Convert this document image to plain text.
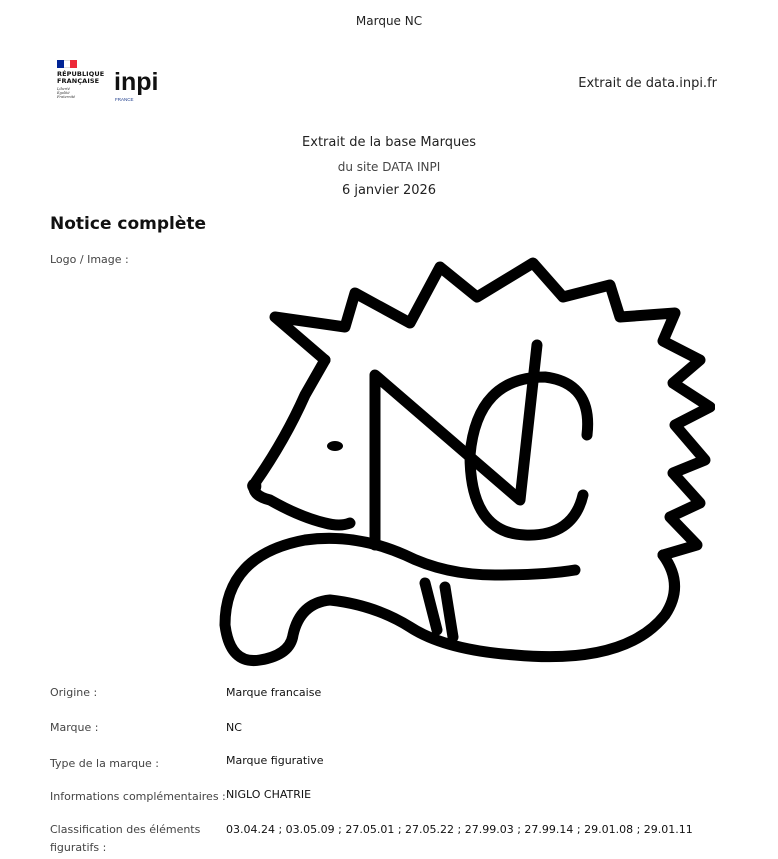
Marque NC
RÉPUBLIQUE
FRANÇAISE
Liberté
Égalité
Fraternité
inpi
FRANCE
Extrait de data.inpi.fr
Extrait de la base Marques
du site DATA INPI
6 janvier 2026
Notice complète
Logo / Image :
Origine :	Marque francaise
Marque :	NC
Type de la marque :	Marque figurative
Informations complémentaires : NIGLO CHATRIE
Classification des éléments
figuratifs :
03.04.24 ; 03.05.09 ; 27.05.01 ; 27.05.22 ; 27.99.03 ; 27.99.14 ; 29.01.08 ; 29.01.11
